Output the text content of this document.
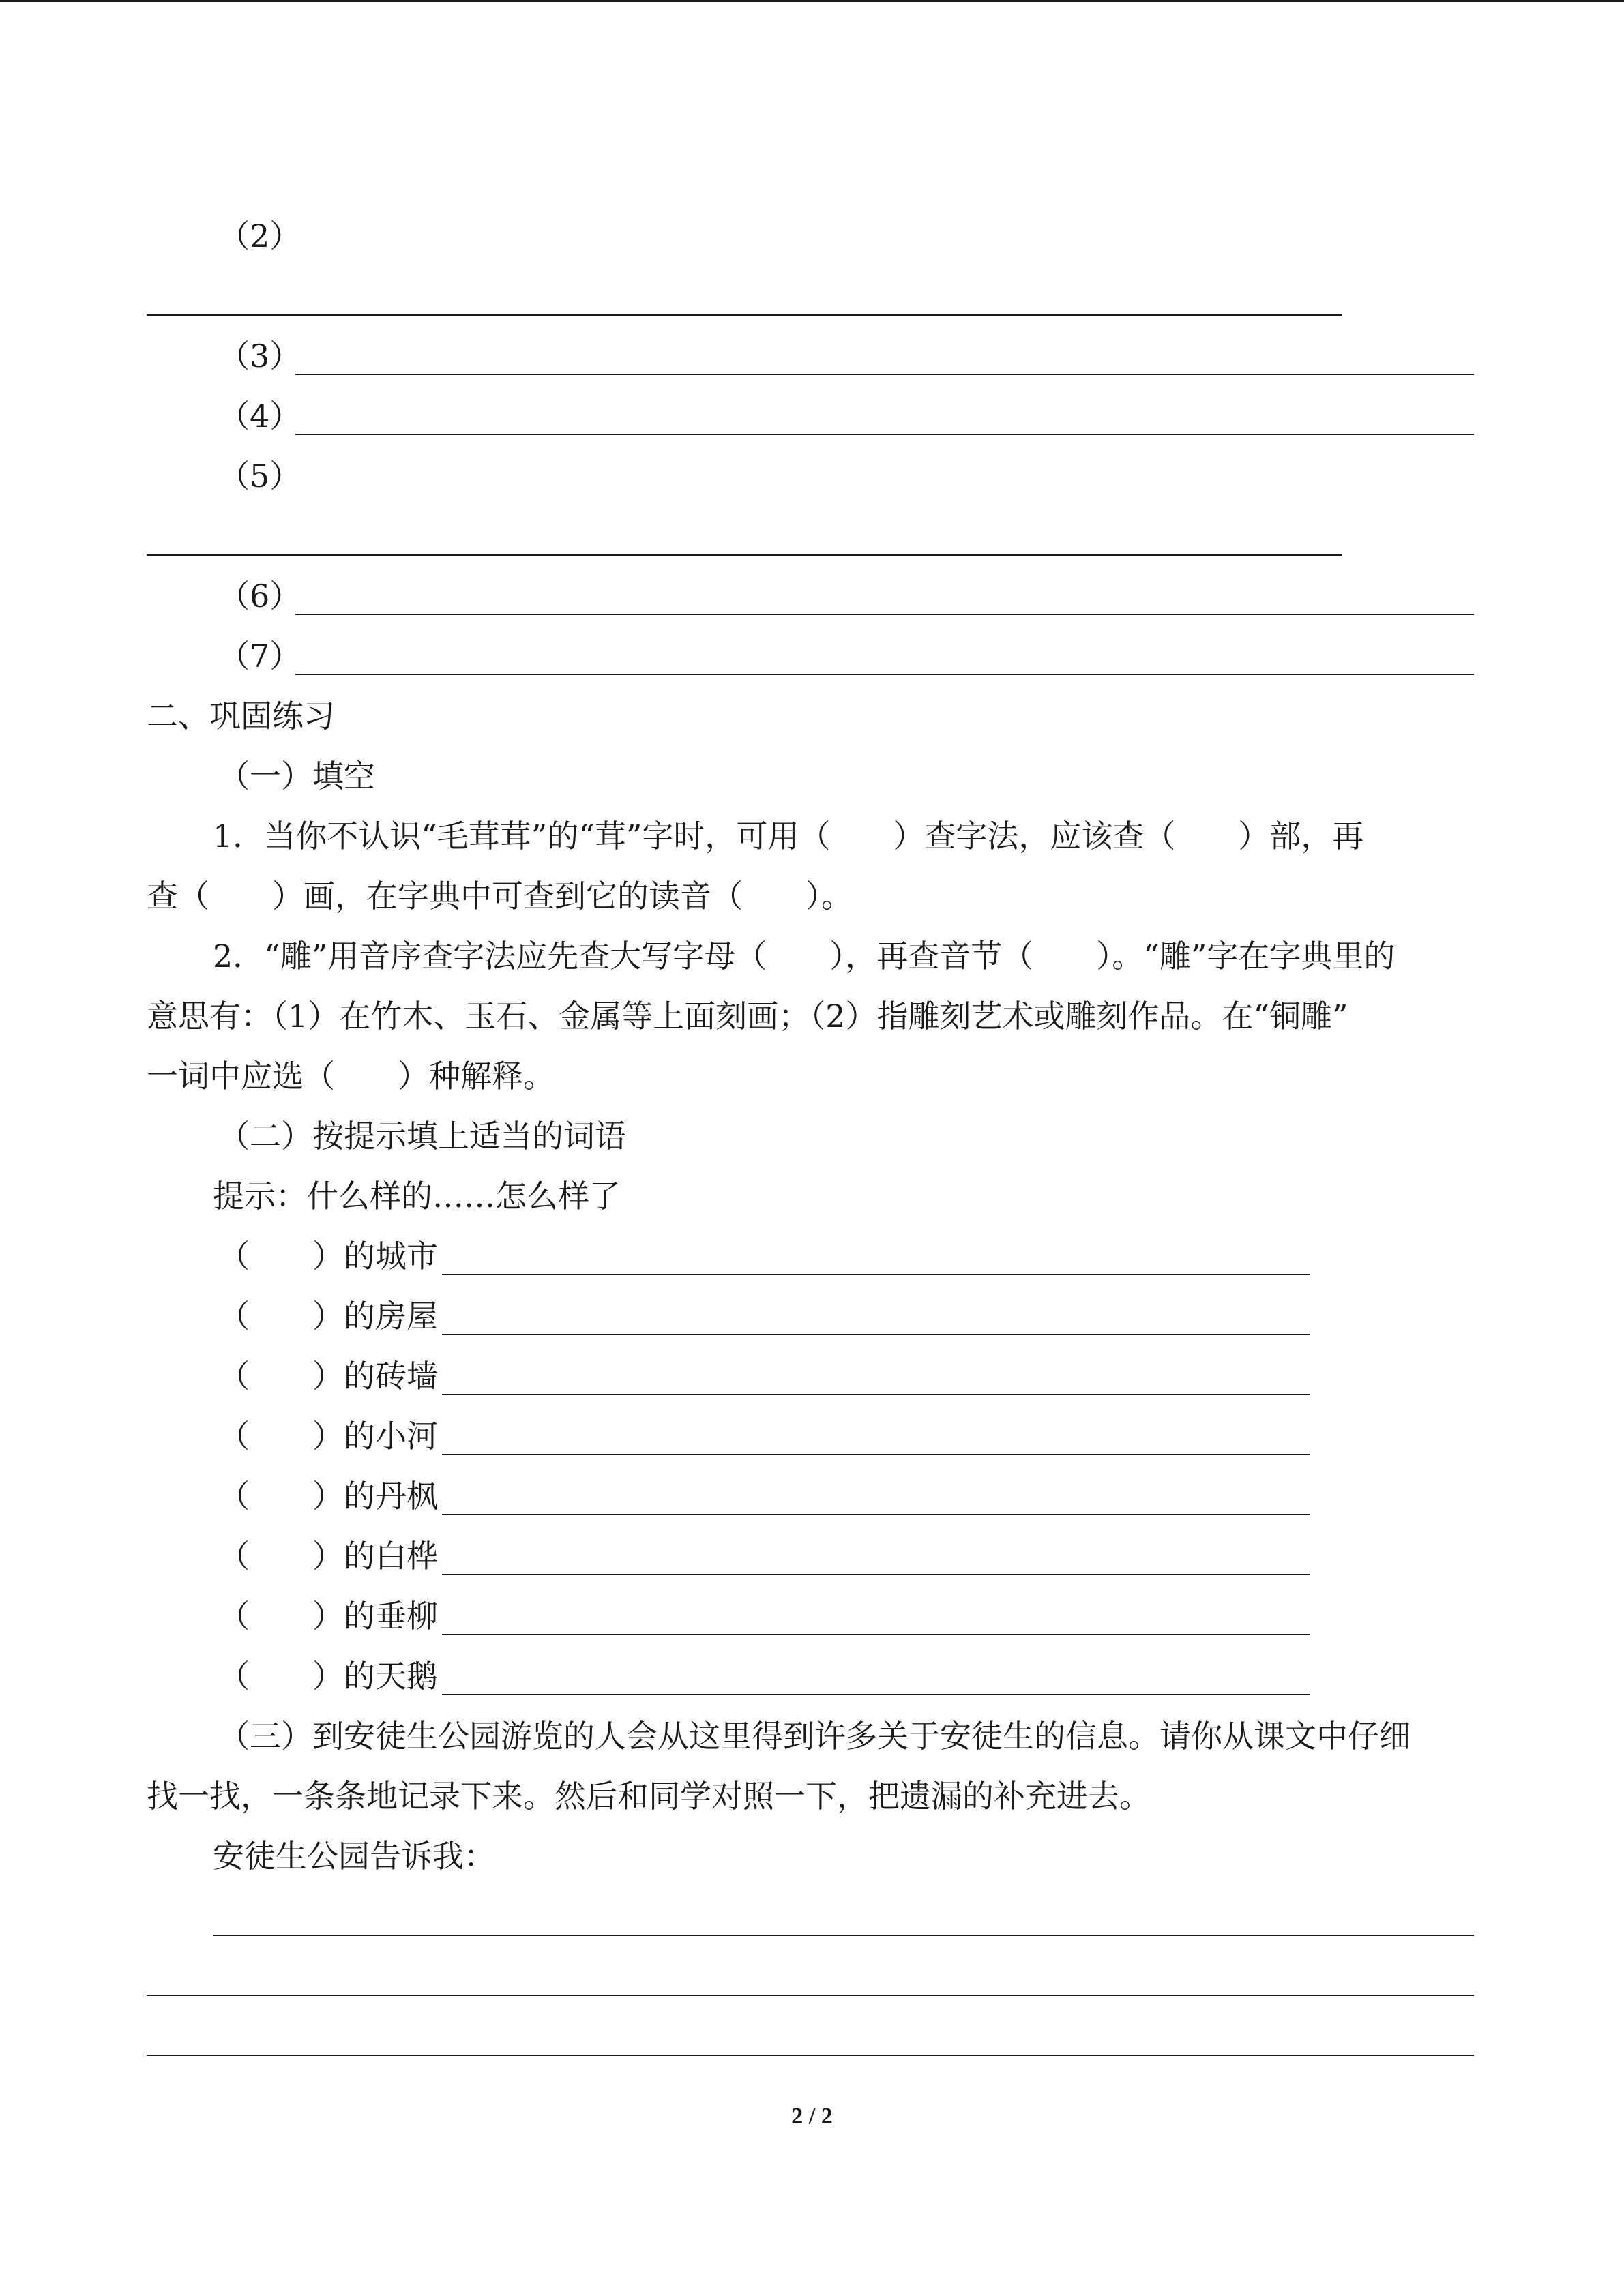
（2）
（3）
（4）
（5）
（6）
（7）
二、巩固练习
（一）填空
1．当你不认识“毛茸茸”的“茸”字时，可用（　　）查字法，应该查（　　）部，再
查（　　）画，在字典中可查到它的读音（　　）。
2．“雕”用音序查字法应先查大写字母（　　），再查音节（　　）。“雕”字在字典里的
意思有：（1）在竹木、玉石、金属等上面刻画；（2）指雕刻艺术或雕刻作品。在“铜雕”
一词中应选（　　）种解释。
（二）按提示填上适当的词语
提示：什么样的……怎么样了
（　　）的城市
（　　）的房屋
（　　）的砖墙
（　　）的小河
（　　）的丹枫
（　　）的白桦
（　　）的垂柳
（　　）的天鹅
（三）到安徒生公园游览的人会从这里得到许多关于安徒生的信息。请你从课文中仔细
找一找，一条条地记录下来。然后和同学对照一下，把遗漏的补充进去。
安徒生公园告诉我：
2 / 2
